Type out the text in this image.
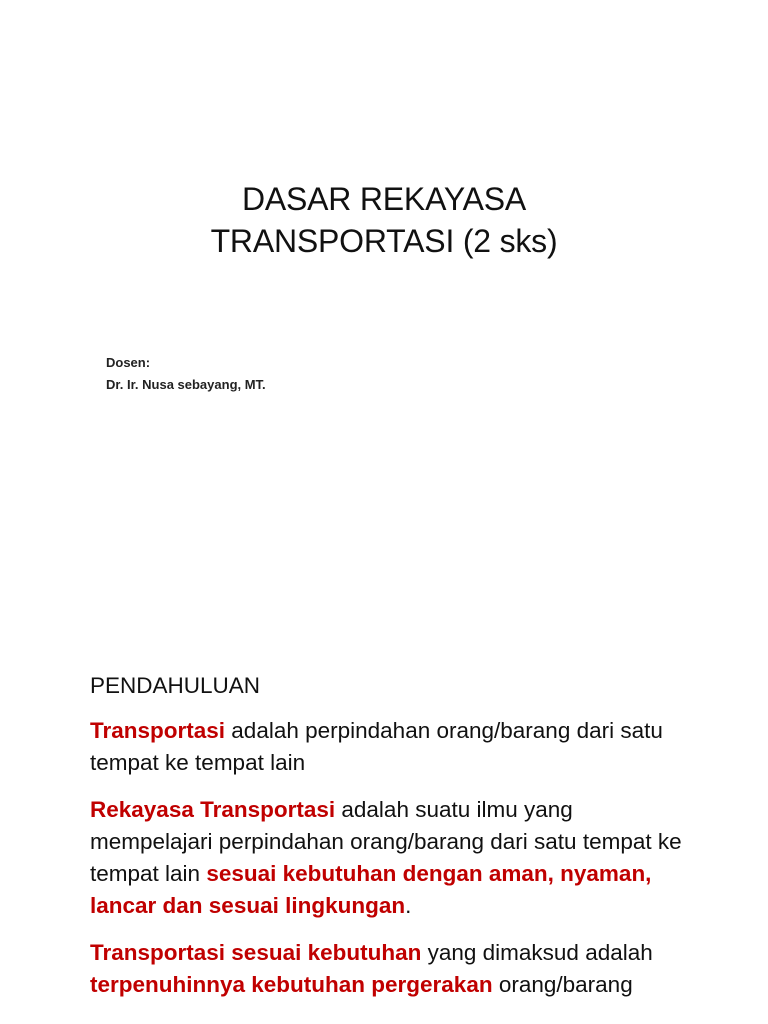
DASAR REKAYASA
TRANSPORTASI (2 sks)
Dosen:
Dr. Ir. Nusa sebayang, MT.
PENDAHULUAN

Transportasi adalah perpindahan orang/barang dari satu tempat ke tempat lain

Rekayasa Transportasi adalah suatu ilmu yang mempelajari perpindahan orang/barang dari satu tempat ke tempat lain sesuai kebutuhan dengan aman, nyaman, lancar dan sesuai lingkungan.

Transportasi sesuai kebutuhan yang dimaksud adalah terpenuhinnya kebutuhan pergerakan orang/barang
